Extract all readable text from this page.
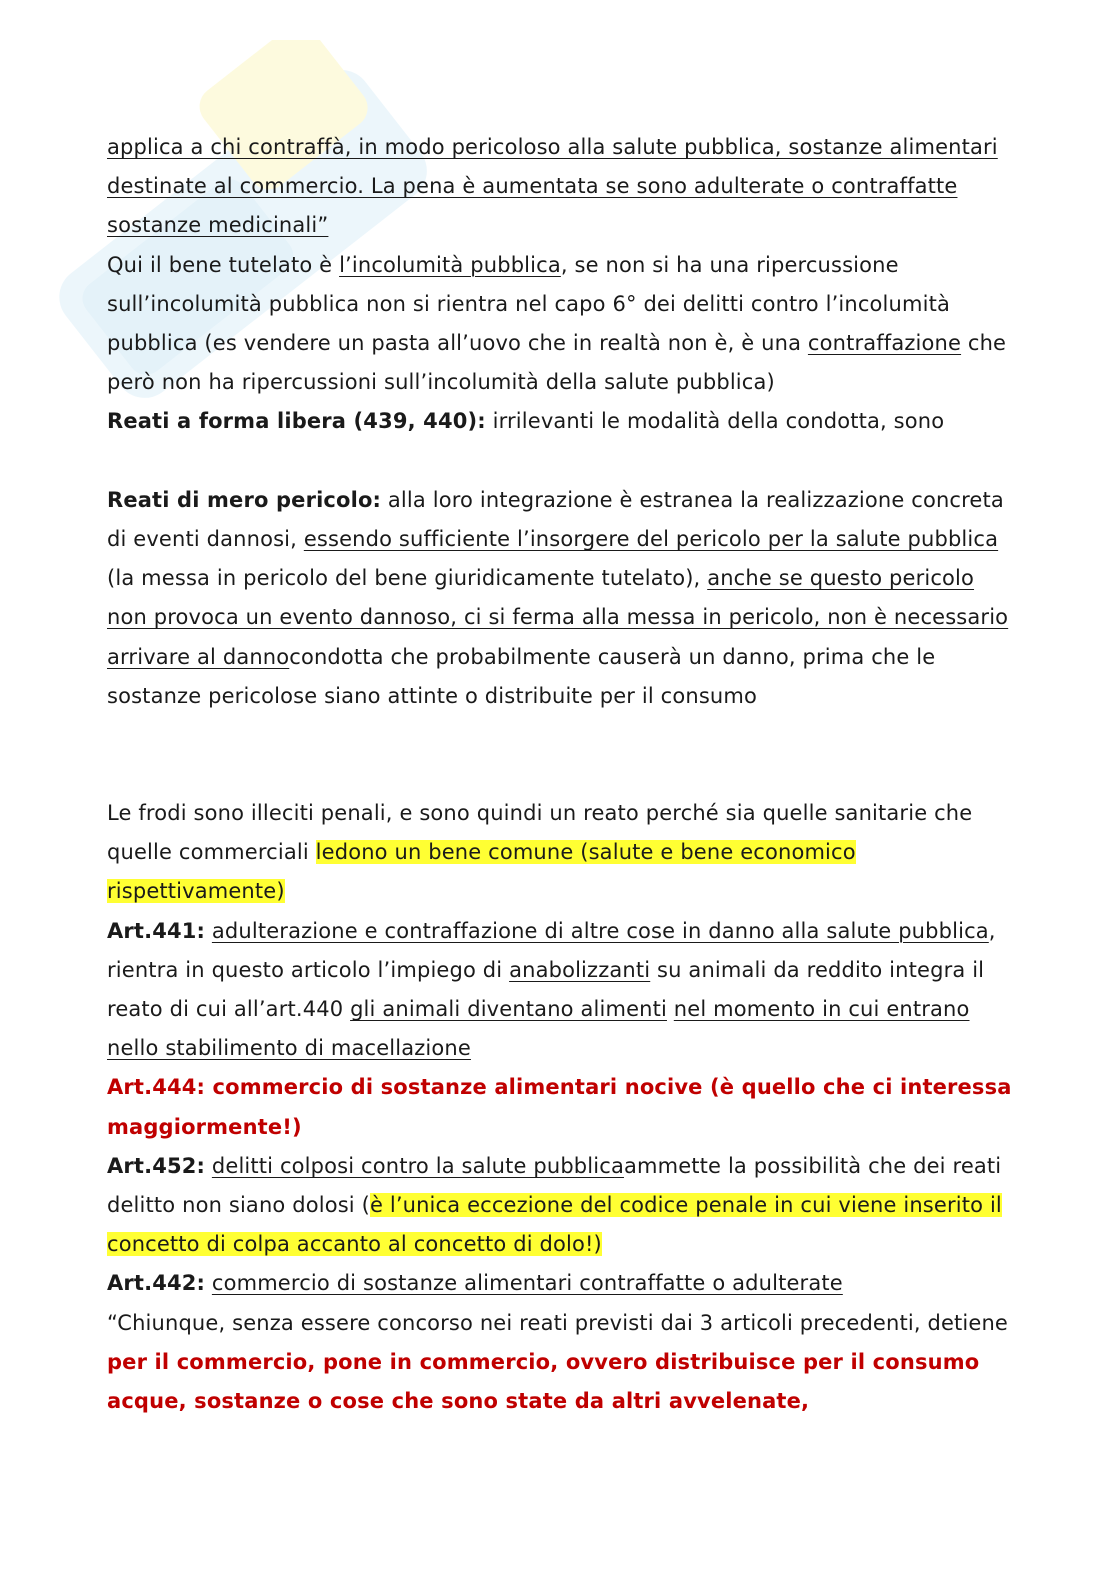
applica a chi contraffà, in modo pericoloso alla salute pubblica, sostanze alimentari destinate al commercio. La pena è aumentata se sono adulterate o contraffatte sostanze medicinali”

Qui il bene tutelato è l’incolumità pubblica, se non si ha una ripercussione sull’incolumità pubblica non si rientra nel capo 6° dei delitti contro l’incolumità pubblica (es vendere un pasta all’uovo che in realtà non è, è una contraffazione che però non ha ripercussioni sull’incolumità della salute pubblica)

Reati a forma libera (439, 440): irrilevanti le modalità della condotta, sono

Reati di mero pericolo: alla loro integrazione è estranea la realizzazione concreta di eventi dannosi, essendo sufficiente l’insorgere del pericolo per la salute pubblica (la messa in pericolo del bene giuridicamente tutelato), anche se questo pericolo non provoca un evento dannoso, ci si ferma alla messa in pericolo, non è necessario arrivare al dannocondotta che probabilmente causerà un danno, prima che le sostanze pericolose siano attinte o distribuite per il consumo

Le frodi sono illeciti penali, e sono quindi un reato perché sia quelle sanitarie che quelle commerciali ledono un bene comune (salute e bene economico rispettivamente)

Art.441: adulterazione e contraffazione di altre cose in danno alla salute pubblica, rientra in questo articolo l’impiego di anabolizzanti su animali da reddito integra il reato di cui all’art.440 gli animali diventano alimenti nel momento in cui entrano nello stabilimento di macellazione

Art.444: commercio di sostanze alimentari nocive (è quello che ci interessa maggiormente!)

Art.452: delitti colposi contro la salute pubblicaammette la possibilità che dei reati delitto non siano dolosi (è l’unica eccezione del codice penale in cui viene inserito il concetto di colpa accanto al concetto di dolo!)

Art.442: commercio di sostanze alimentari contraffatte o adulterate

“Chiunque, senza essere concorso nei reati previsti dai 3 articoli precedenti, detiene per il commercio, pone in commercio, ovvero distribuisce per il consumo acque, sostanze o cose che sono state da altri avvelenate,
